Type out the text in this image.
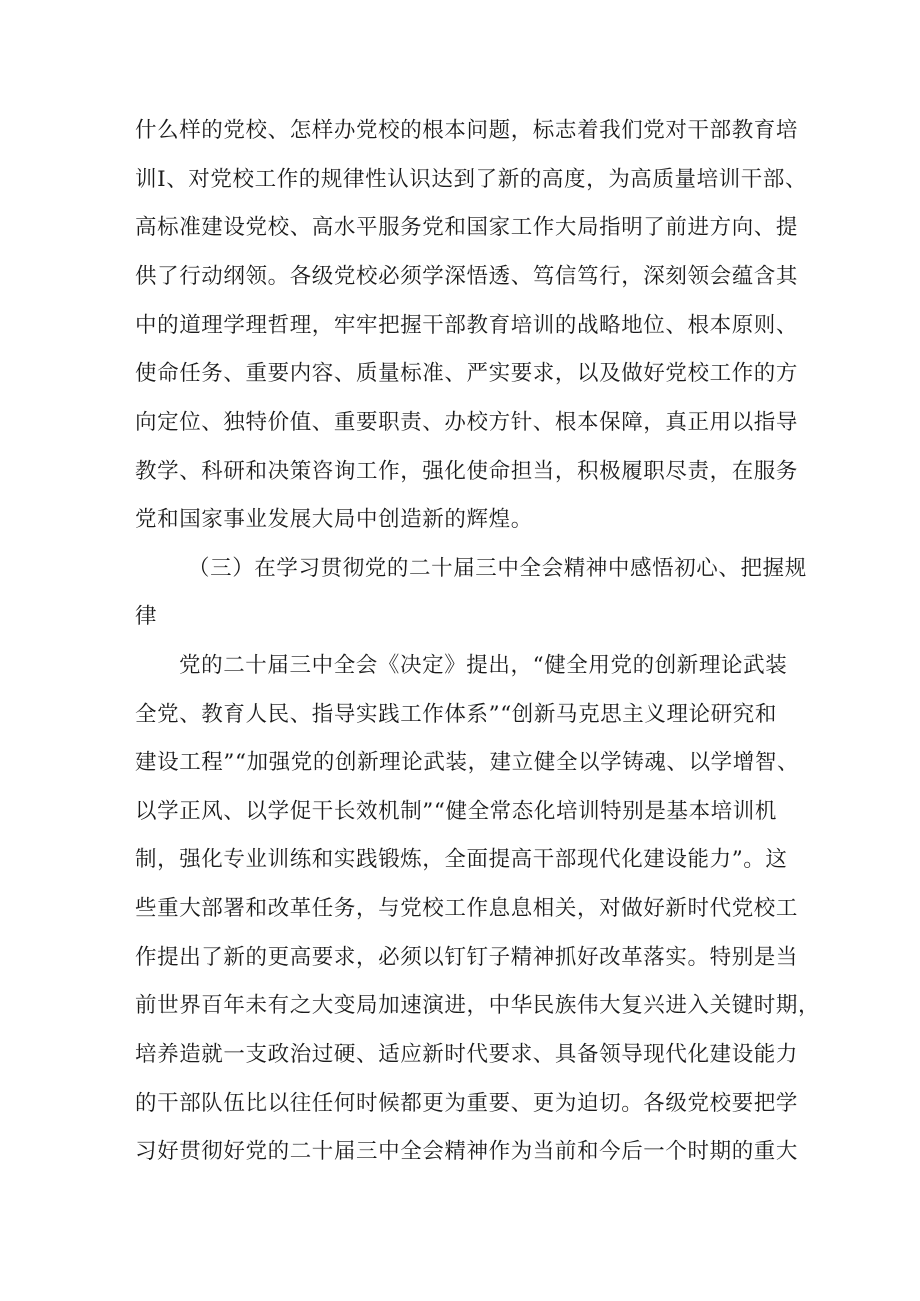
什么样的党校、怎样办党校的根本问题，标志着我们党对干部教育培
训I、对党校工作的规律性认识达到了新的高度，为高质量培训干部、
高标准建设党校、高水平服务党和国家工作大局指明了前进方向、提
供了行动纲领。各级党校必须学深悟透、笃信笃行，深刻领会蕴含其
中的道理学理哲理，牢牢把握干部教育培训的战略地位、根本原则、
使命任务、重要内容、质量标准、严实要求，以及做好党校工作的方
向定位、独特价值、重要职责、办校方针、根本保障，真正用以指导
教学、科研和决策咨询工作，强化使命担当，积极履职尽责，在服务
党和国家事业发展大局中创造新的辉煌。
（三）在学习贯彻党的二十届三中全会精神中感悟初心、把握规
律
党的二十届三中全会《决定》提出，“健全用党的创新理论武装
全党、教育人民、指导实践工作体系”“创新马克思主义理论研究和
建设工程”“加强党的创新理论武装，建立健全以学铸魂、以学增智、
以学正风、以学促干长效机制”“健全常态化培训特别是基本培训机
制，强化专业训练和实践锻炼，全面提高干部现代化建设能力”。这
些重大部署和改革任务，与党校工作息息相关，对做好新时代党校工
作提出了新的更高要求，必须以钉钉子精神抓好改革落实。特别是当
前世界百年未有之大变局加速演进，中华民族伟大复兴进入关键时期，
培养造就一支政治过硬、适应新时代要求、具备领导现代化建设能力
的干部队伍比以往任何时候都更为重要、更为迫切。各级党校要把学
习好贯彻好党的二十届三中全会精神作为当前和今后一个时期的重大
